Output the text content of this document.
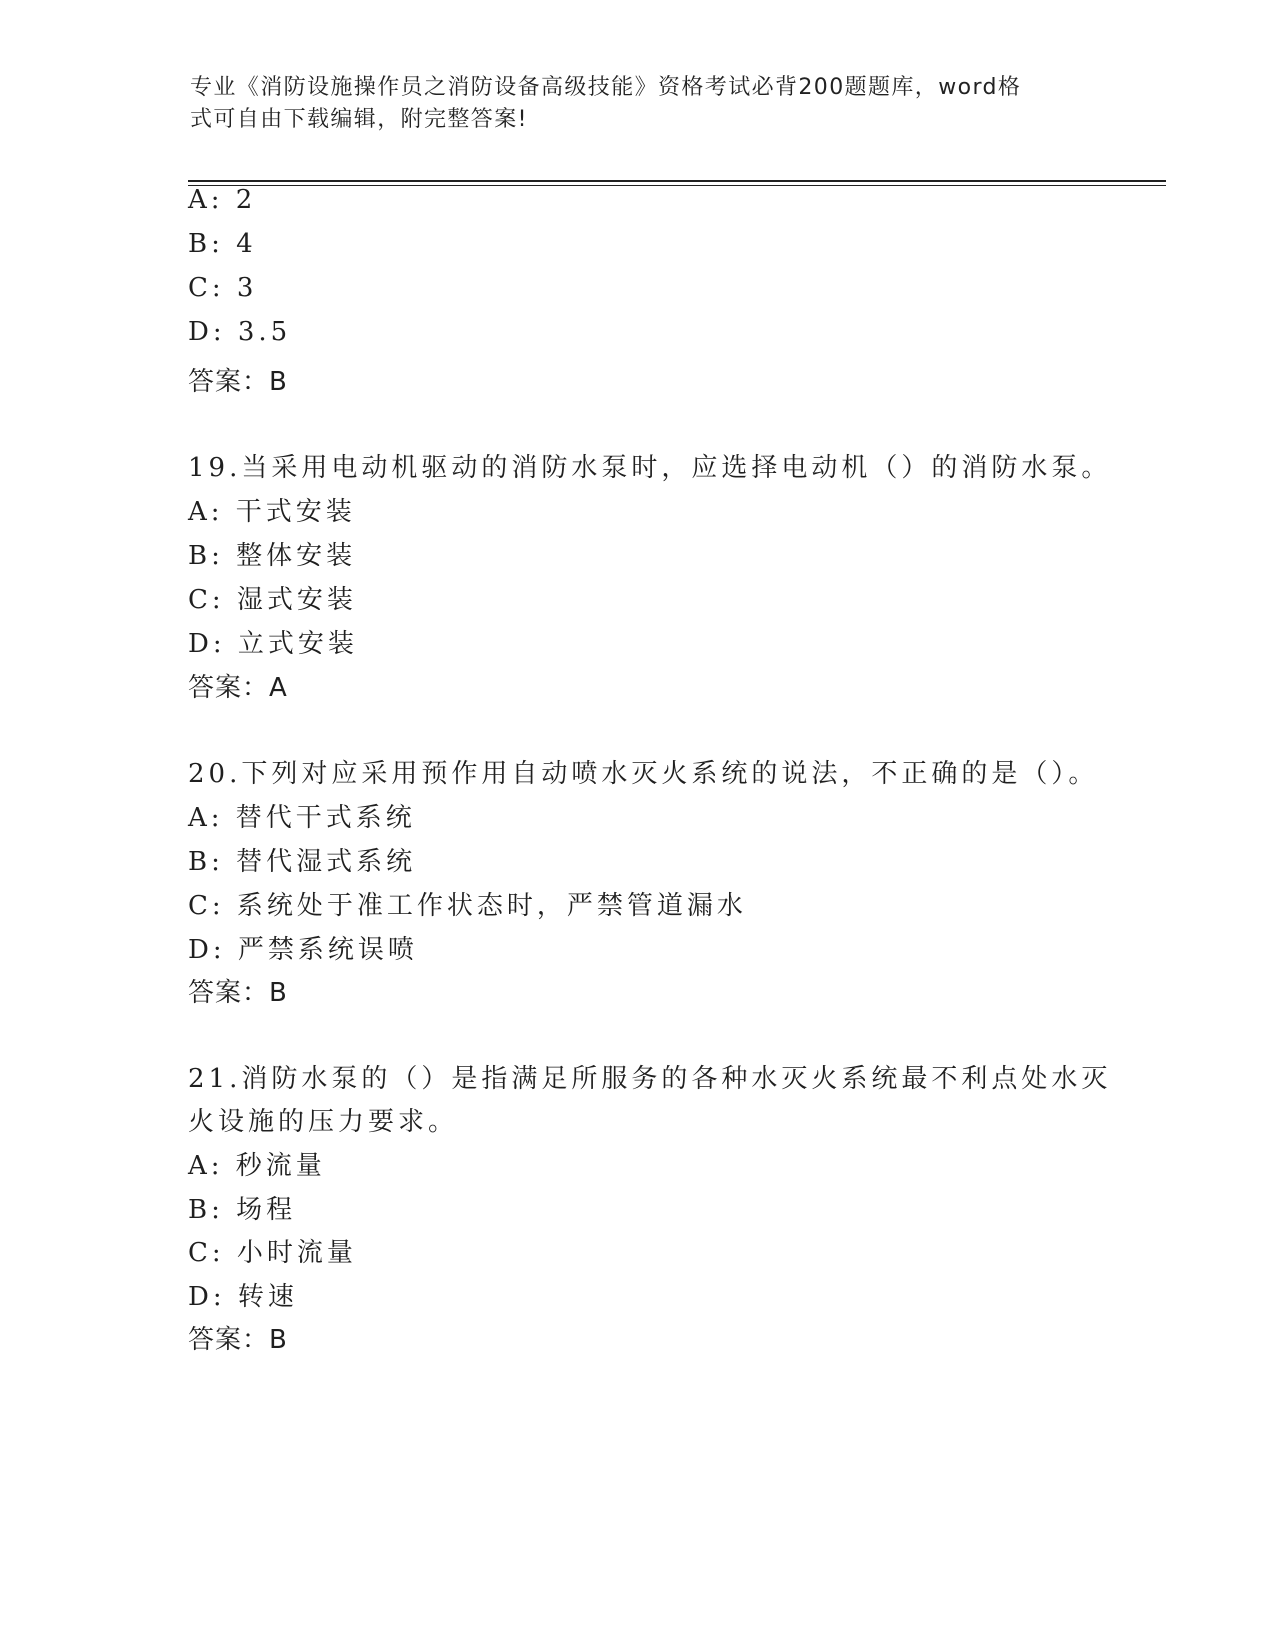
专业《消防设施操作员之消防设备高级技能》资格考试必背200题题库，word格
式可自由下载编辑，附完整答案!
A: 2
B: 4
C: 3
D: 3.5
答案：B
19.当采用电动机驱动的消防水泵时，应选择电动机（）的消防水泵。
A: 干式安装
B: 整体安装
C: 湿式安装
D: 立式安装
答案：A
20.下列对应采用预作用自动喷水灭火系统的说法，不正确的是（）。
A: 替代干式系统
B: 替代湿式系统
C: 系统处于准工作状态时，严禁管道漏水
D: 严禁系统误喷
答案：B
21.消防水泵的（）是指满足所服务的各种水灭火系统最不利点处水灭
火设施的压力要求。
A: 秒流量
B: 场程
C: 小时流量
D: 转速
答案：B
